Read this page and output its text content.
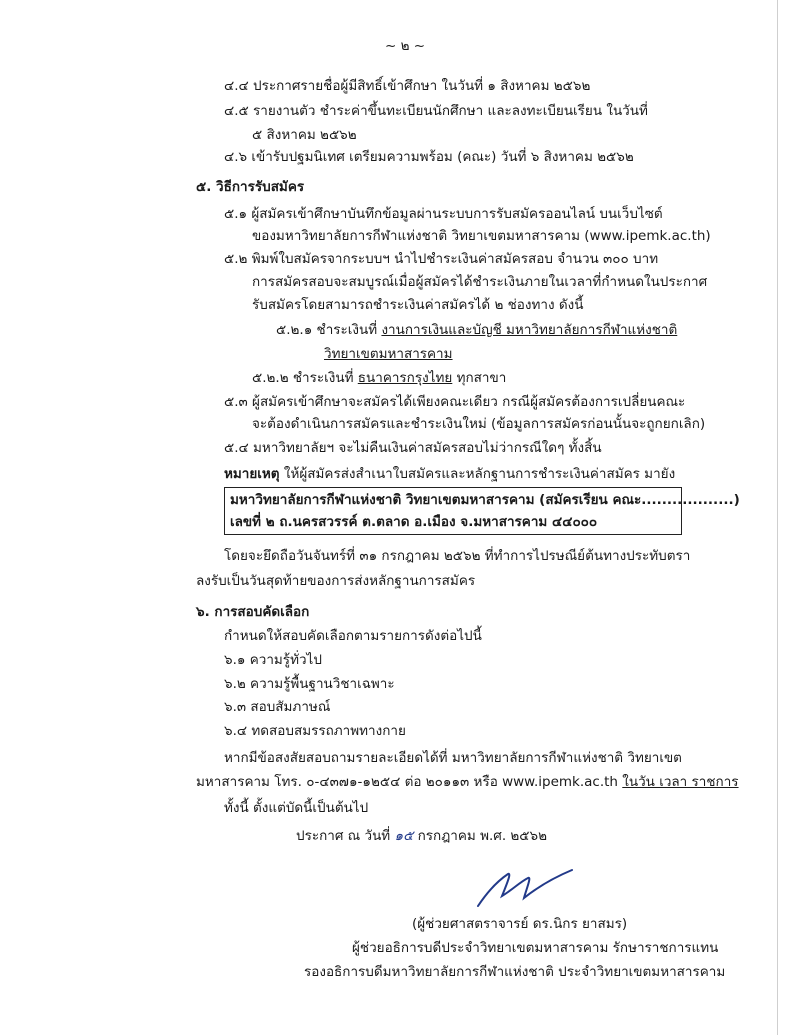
~ ๒ ~
๔.๔ ประกาศรายชื่อผู้มีสิทธิ์เข้าศึกษา ในวันที่ ๑ สิงหาคม ๒๕๖๒
๔.๕ รายงานตัว ชำระค่าขึ้นทะเบียนนักศึกษา และลงทะเบียนเรียน ในวันที่
๕ สิงหาคม ๒๕๖๒
๔.๖ เข้ารับปฐมนิเทศ เตรียมความพร้อม (คณะ) วันที่ ๖ สิงหาคม ๒๕๖๒
๕. วิธีการรับสมัคร
๕.๑ ผู้สมัครเข้าศึกษาบันทึกข้อมูลผ่านระบบการรับสมัครออนไลน์ บนเว็บไซต์
ของมหาวิทยาลัยการกีฬาแห่งชาติ วิทยาเขตมหาสารคาม (www.ipemk.ac.th)
๕.๒ พิมพ์ใบสมัครจากระบบฯ นำไปชำระเงินค่าสมัครสอบ จำนวน ๓๐๐ บาท
การสมัครสอบจะสมบูรณ์เมื่อผู้สมัครได้ชำระเงินภายในเวลาที่กำหนดในประกาศ
รับสมัครโดยสามารถชำระเงินค่าสมัครได้ ๒ ช่องทาง ดังนี้
๕.๒.๑ ชำระเงินที่ งานการเงินและบัญชี มหาวิทยาลัยการกีฬาแห่งชาติ
วิทยาเขตมหาสารคาม
๕.๒.๒ ชำระเงินที่ ธนาคารกรุงไทย ทุกสาขา
๕.๓ ผู้สมัครเข้าศึกษาจะสมัครได้เพียงคณะเดียว กรณีผู้สมัครต้องการเปลี่ยนคณะ
จะต้องดำเนินการสมัครและชำระเงินใหม่ (ข้อมูลการสมัครก่อนนั้นจะถูกยกเลิก)
๕.๔ มหาวิทยาลัยฯ จะไม่คืนเงินค่าสมัครสอบไม่ว่ากรณีใดๆ ทั้งสิ้น
หมายเหตุ ให้ผู้สมัครส่งสำเนาใบสมัครและหลักฐานการชำระเงินค่าสมัคร มายัง
มหาวิทยาลัยการกีฬาแห่งชาติ วิทยาเขตมหาสารคาม (สมัครเรียน คณะ..................)
เลขที่ ๒ ถ.นครสวรรค์ ต.ตลาด อ.เมือง จ.มหาสารคาม ๔๔๐๐๐
โดยจะยึดถือวันจันทร์ที่ ๓๑ กรกฎาคม ๒๕๖๒ ที่ทำการไปรษณีย์ต้นทางประทับตรา
ลงรับเป็นวันสุดท้ายของการส่งหลักฐานการสมัคร
๖. การสอบคัดเลือก
กำหนดให้สอบคัดเลือกตามรายการดังต่อไปนี้
๖.๑ ความรู้ทั่วไป
๖.๒ ความรู้พื้นฐานวิชาเฉพาะ
๖.๓ สอบสัมภาษณ์
๖.๔ ทดสอบสมรรถภาพทางกาย
หากมีข้อสงสัยสอบถามรายละเอียดได้ที่ มหาวิทยาลัยการกีฬาแห่งชาติ วิทยาเขต
มหาสารคาม โทร. ๐-๔๓๗๑-๑๒๕๔ ต่อ ๒๐๑๑๓ หรือ www.ipemk.ac.th ในวัน เวลา ราชการ
ทั้งนี้ ตั้งแต่บัดนี้เป็นต้นไป
ประกาศ ณ วันที่ ๑๕ กรกฎาคม พ.ศ. ๒๕๖๒
(ผู้ช่วยศาสตราจารย์ ดร.นิกร ยาสมร)
ผู้ช่วยอธิการบดีประจำวิทยาเขตมหาสารคาม รักษาราชการแทน
รองอธิการบดีมหาวิทยาลัยการกีฬาแห่งชาติ ประจำวิทยาเขตมหาสารคาม
